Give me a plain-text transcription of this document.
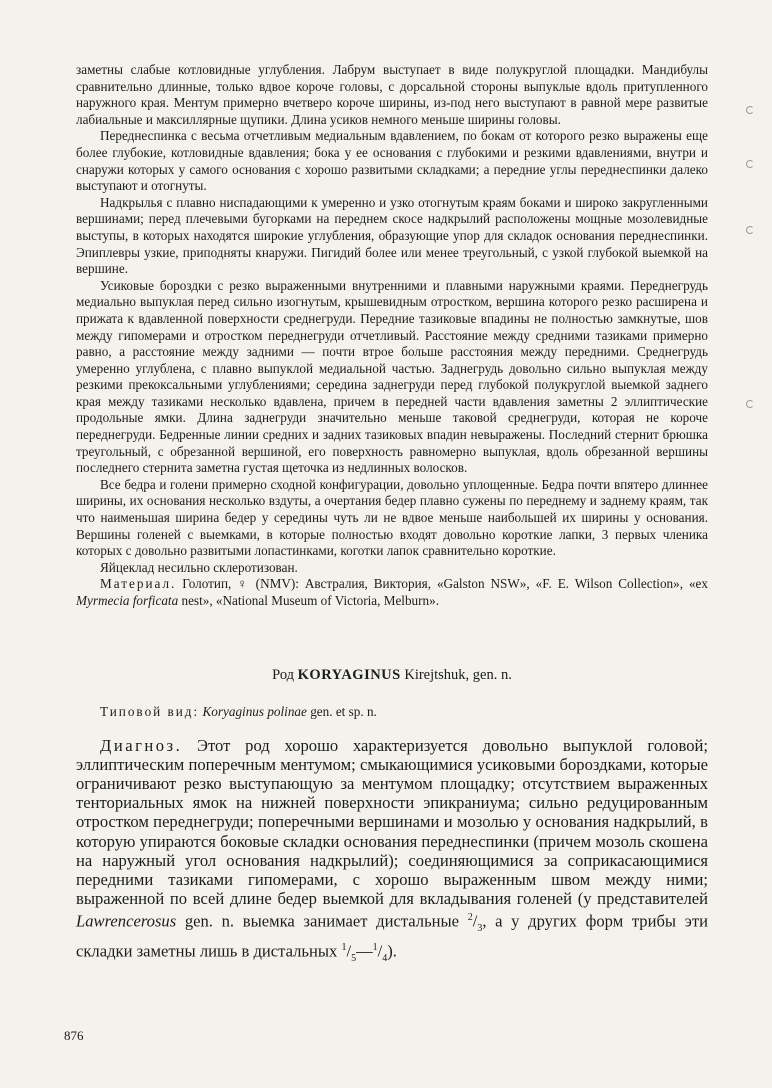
заметны слабые котловидные углубления. Лабрум выступает в виде полукруглой площадки. Мандибулы сравнительно длинные, только вдвое короче головы, с дорсальной стороны выпуклые вдоль притупленного наружного края. Ментум примерно вчетверо короче ширины, из-под него выступают в равной мере развитые лабиальные и максиллярные щупики. Длина усиков немного меньше ширины головы.

Переднеспинка с весьма отчетливым медиальным вдавлением, по бокам от которого резко выражены еще более глубокие, котловидные вдавления; бока у ее основания с глубокими и резкими вдавлениями, внутри и снаружи которых у самого основания с хорошо развитыми складками; а передние углы переднеспинки далеко выступают и отогнуты.

Надкрылья с плавно ниспадающими к умеренно и узко отогнутым краям боками и широко закругленными вершинами; перед плечевыми бугорками на переднем скосе надкрылий расположены мощные мозолевидные выступы, в которых находятся широкие углубления, образующие упор для складок основания переднеспинки. Эпиплевры узкие, приподняты кнаружи. Пигидий более или менее треугольный, с узкой глубокой выемкой на вершине.

Усиковые бороздки с резко выраженными внутренними и плавными наружными краями. Переднегрудь медиально выпуклая перед сильно изогнутым, крышевидным отростком, вершина которого резко расширена и прижата к вдавленной поверхности среднегруди. Передние тазиковые впадины не полностью замкнутые, шов между гипомерами и отростком переднегруди отчетливый. Расстояние между средними тазиками примерно равно, а расстояние между задними — почти втрое больше расстояния между передними. Среднегрудь умеренно углублена, с плавно выпуклой медиальной частью. Заднегрудь довольно сильно выпуклая между резкими прекоксальными углублениями; середина заднегруди перед глубокой полукруглой выемкой заднего края между тазиками несколько вдавлена, причем в передней части вдавления заметны 2 эллиптические продольные ямки. Длина заднегруди значительно меньше таковой среднегруди, которая не короче переднегруди. Бедренные линии средних и задних тазиковых впадин невыражены. Последний стернит брюшка треугольный, с обрезанной вершиной, его поверхность равномерно выпуклая, вдоль обрезанной вершины последнего стернита заметна густая щеточка из недлинных волосков.

Все бедра и голени примерно сходной конфигурации, довольно уплощенные. Бедра почти впятеро длиннее ширины, их основания несколько вздуты, а очертания бедер плавно сужены по переднему и заднему краям, так что наименьшая ширина бедер у середины чуть ли не вдвое меньше наибольшей их ширины у основания. Вершины голеней с выемками, в которые полностью входят довольно короткие лапки, 3 первых членика которых с довольно развитыми лопастинками, коготки лапок сравнительно короткие.

Яйцеклад несильно склеротизован.

Материал. Голотип, ♀ (NMV): Австралия, Виктория, «Galston NSW», «F. E. Wilson Collection», «ex Myrmecia forficata nest», «National Museum of Victoria, Melburn».

Род KORYAGINUS Kirejtshuk, gen. n.
Типовой вид: Koryaginus polinae gen. et sp. n.
Диагноз. Этот род хорошо характеризуется довольно выпуклой головой; эллиптическим поперечным ментумом; смыкающимися усиковыми бороздками, которые ограничивают резко выступающую за ментумом площадку; отсутствием выраженных тенториальных ямок на нижней поверхности эпикраниума; сильно редуцированным отростком переднегруди; поперечными вершинами и мозолью у основания надкрылий, в которую упираются боковые складки основания переднеспинки (причем мозоль скошена на наружный угол основания надкрылий); соединяющимися за соприкасающимися передними тазиками гипомерами, с хорошо выраженным швом между ними; выраженной по всей длине бедер выемкой для вкладывания голеней (у представителей Lawrencerosus gen. n. выемка занимает дистальные $^2/_3$, а у других форм трибы эти складки заметны лишь в дистальных $^1/_5—^1/_4$).
876
